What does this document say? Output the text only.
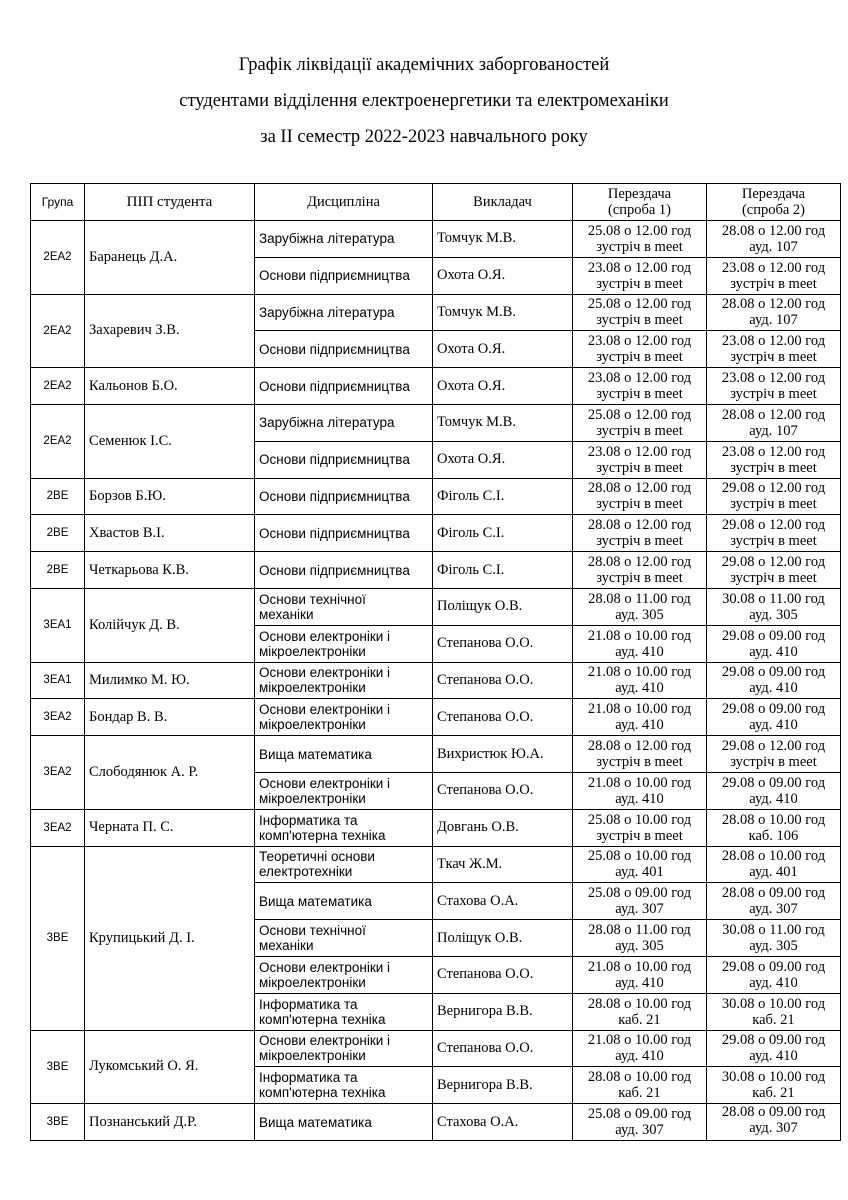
Графік ліквідації академічних заборгованостей
студентами відділення електроенергетики та електромеханіки
за ІІ семестр 2022-2023 навчального року
Група	ПІП студента	Дисципліна	Викладач	Перездача
(спроба 1)	Перездача
(спроба 2)

2ЕА2	Баранець Д.А.	Зарубіжна література	Томчук М.В.	25.08 о 12.00 год
зустріч в meet	28.08 о 12.00 год
ауд. 107

		Основи підприємництва	Охота О.Я.	23.08 о 12.00 год
зустріч в meet	23.08 о 12.00 год
зустріч в meet

2ЕА2	Захаревич З.В.	Зарубіжна література	Томчук М.В.	25.08 о 12.00 год
зустріч в meet	28.08 о 12.00 год
ауд. 107

		Основи підприємництва	Охота О.Я.	23.08 о 12.00 год
зустріч в meet	23.08 о 12.00 год
зустріч в meet

2ЕА2	Кальонов Б.О.	Основи підприємництва	Охота О.Я.	23.08 о 12.00 год
зустріч в meet	23.08 о 12.00 год
зустріч в meet

2ЕА2	Семенюк І.С.	Зарубіжна література	Томчук М.В.	25.08 о 12.00 год
зустріч в meet	28.08 о 12.00 год
ауд. 107

		Основи підприємництва	Охота О.Я.	23.08 о 12.00 год
зустріч в meet	23.08 о 12.00 год
зустріч в meet

2ВЕ	Борзов Б.Ю.	Основи підприємництва	Фіголь С.І.	28.08 о 12.00 год
зустріч в meet	29.08 о 12.00 год
зустріч в meet

2ВЕ	Хвастов В.І.	Основи підприємництва	Фіголь С.І.	28.08 о 12.00 год
зустріч в meet	29.08 о 12.00 год
зустріч в meet

2ВЕ	Четкарьова К.В.	Основи підприємництва	Фіголь С.І.	28.08 о 12.00 год
зустріч в meet	29.08 о 12.00 год
зустріч в meet

3ЕА1	Колійчук Д. В.	Основи технічної
механіки	Поліщук О.В.	28.08 о 11.00 год
ауд. 305	30.08 о 11.00 год
ауд. 305

		Основи електроніки і
мікроелектроніки	Степанова О.О.	21.08 о 10.00 год
ауд. 410	29.08 о 09.00 год
ауд. 410

3ЕА1	Милимко М. Ю.	Основи електроніки і
мікроелектроніки	Степанова О.О.	21.08 о 10.00 год
ауд. 410	29.08 о 09.00 год
ауд. 410

3ЕА2	Бондар В. В.	Основи електроніки і
мікроелектроніки	Степанова О.О.	21.08 о 10.00 год
ауд. 410	29.08 о 09.00 год
ауд. 410

3ЕА2	Слободянюк А. Р.	Вища математика	Вихристюк Ю.А.	28.08 о 12.00 год
зустріч в meet	29.08 о 12.00 год
зустріч в meet

		Основи електроніки і
мікроелектроніки	Степанова О.О.	21.08 о 10.00 год
ауд. 410	29.08 о 09.00 год
ауд. 410

3ЕА2	Черната П. С.	Інформатика та
комп'ютерна техніка	Довгань О.В.	25.08 о 10.00 год
зустріч в meet	28.08 о 10.00 год
каб. 106

3ВЕ	Крупицький Д. І.	Теоретичні основи
електротехніки	Ткач Ж.М.	25.08 о 10.00 год
ауд. 401	28.08 о 10.00 год
ауд. 401

		Вища математика	Стахова О.А.	25.08 о 09.00 год
ауд. 307	28.08 о 09.00 год
ауд. 307

		Основи технічної
механіки	Поліщук О.В.	28.08 о 11.00 год
ауд. 305	30.08 о 11.00 год
ауд. 305

		Основи електроніки і
мікроелектроніки	Степанова О.О.	21.08 о 10.00 год
ауд. 410	29.08 о 09.00 год
ауд. 410

		Інформатика та
комп'ютерна техніка	Вернигора В.В.	28.08 о 10.00 год
каб. 21	30.08 о 10.00 год
каб. 21

3ВЕ	Лукомський О. Я.	Основи електроніки і
мікроелектроніки	Степанова О.О.	21.08 о 10.00 год
ауд. 410	29.08 о 09.00 год
ауд. 410

		Інформатика та
комп'ютерна техніка	Вернигора В.В.	28.08 о 10.00 год
каб. 21	30.08 о 10.00 год
каб. 21

3ВЕ	Познанський Д.Р.	Вища математика	Стахова О.А.	25.08 о 09.00 год
ауд. 307	28.08 о 09.00 год
ауд. 307
